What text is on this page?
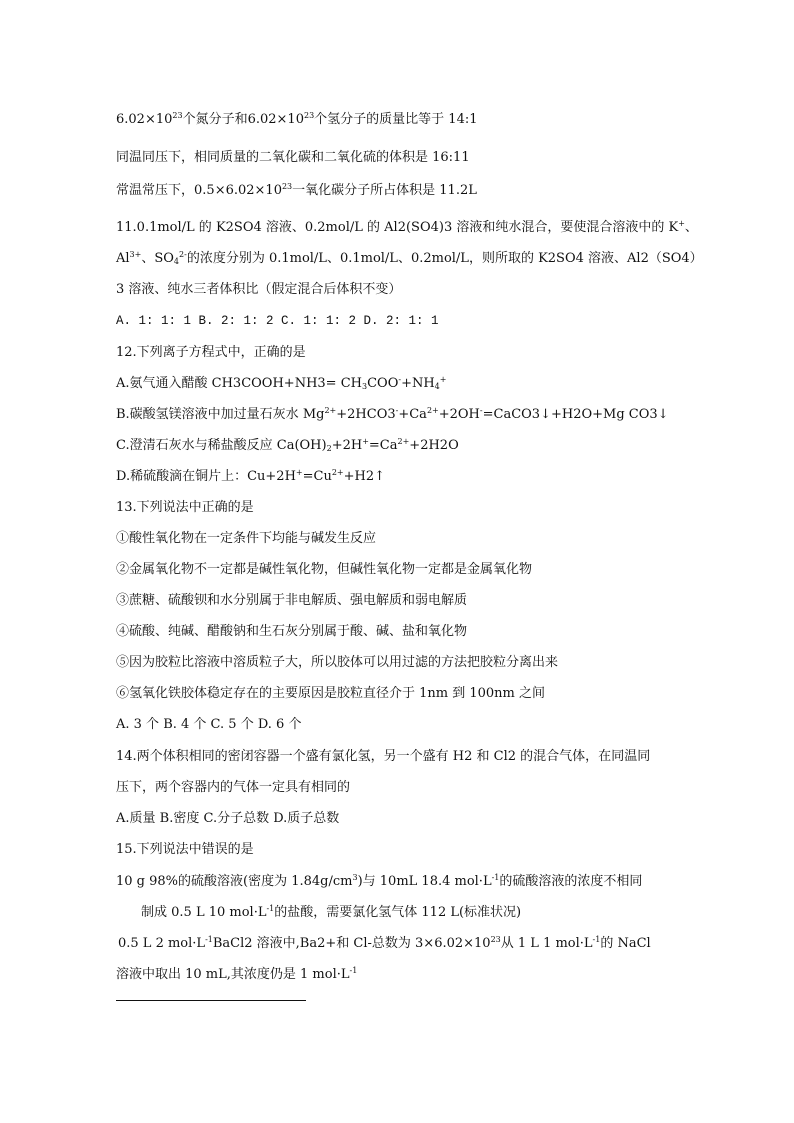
$6.02\times 10^{23}$个氮分子和$6.02\times 10^{23}$个氢分子的质量比等于 14:1
同温同压下，相同质量的二氧化碳和二氧化硫的体积是 16:11
常温常压下，$0.5\times 6.02\times 10^{23}$一氧化碳分子所占体积是 11.2L
11.0.1mol/L 的 K2SO4 溶液、0.2mol/L 的 Al2(SO4)3 溶液和纯水混合，要使混合溶液中的 K+、
$Al^{3+}$、$SO_4^{2-}$的浓度分别为 0.1mol/L、0.1mol/L、0.2mol/L，则所取的 K2SO4 溶液、Al2（SO4）
3 溶液、纯水三者体积比（假定混合后体积不变）
A. 1: 1: 1 B. 2: 1: 2 C. 1: 1: 2 D. 2: 1: 1
12.下列离子方程式中，正确的是
A.氨气通入醋酸 CH3COOH+NH3= $CH_3COO^-+NH_4^+$
B.碳酸氢镁溶液中加过量石灰水 $Mg^{2+}+2HCO3^-+Ca^{2+}+2OH^-=CaCO3↓+H2O+Mg$ CO3↓
C.澄清石灰水与稀盐酸反应 $Ca(OH)_2+2H^+=Ca^{2+}+2H2O$
D.稀硫酸滴在铜片上：$Cu+2H^+=Cu^{2+}+H2↑$
13.下列说法中正确的是
①酸性氧化物在一定条件下均能与碱发生反应
②金属氧化物不一定都是碱性氧化物，但碱性氧化物一定都是金属氧化物
③蔗糖、硫酸钡和水分别属于非电解质、强电解质和弱电解质
④硫酸、纯碱、醋酸钠和生石灰分别属于酸、碱、盐和氧化物
⑤因为胶粒比溶液中溶质粒子大，所以胶体可以用过滤的方法把胶粒分离出来
⑥氢氧化铁胶体稳定存在的主要原因是胶粒直径介于 1nm 到 100nm 之间
A. 3 个 B. 4 个 C. 5 个 D. 6 个
14.两个体积相同的密闭容器一个盛有氯化氢，另一个盛有 H2 和 Cl2 的混合气体，在同温同
压下，两个容器内的气体一定具有相同的
A.质量 B.密度 C.分子总数 D.质子总数
15.下列说法中错误的是
10 g 98%的硫酸溶液(密度为 $1.84g/cm^3$)与 10mL 18.4 $mol\cdot L^{-1}$的硫酸溶液的浓度不相同
制成 0.5 L 10 $mol\cdot L^{-1}$的盐酸，需要氯化氢气体 112 L(标准状况)
0.5 L 2 $mol\cdot L^{-1}BaCl2$ 溶液中,Ba2+和 Cl-总数为 $3\times 6.02\times 10^{23}$从 1 L 1 $mol\cdot L^{-1}$的 NaCl
溶液中取出 10 mL,其浓度仍是 1 $mol\cdot L^{-1}$
